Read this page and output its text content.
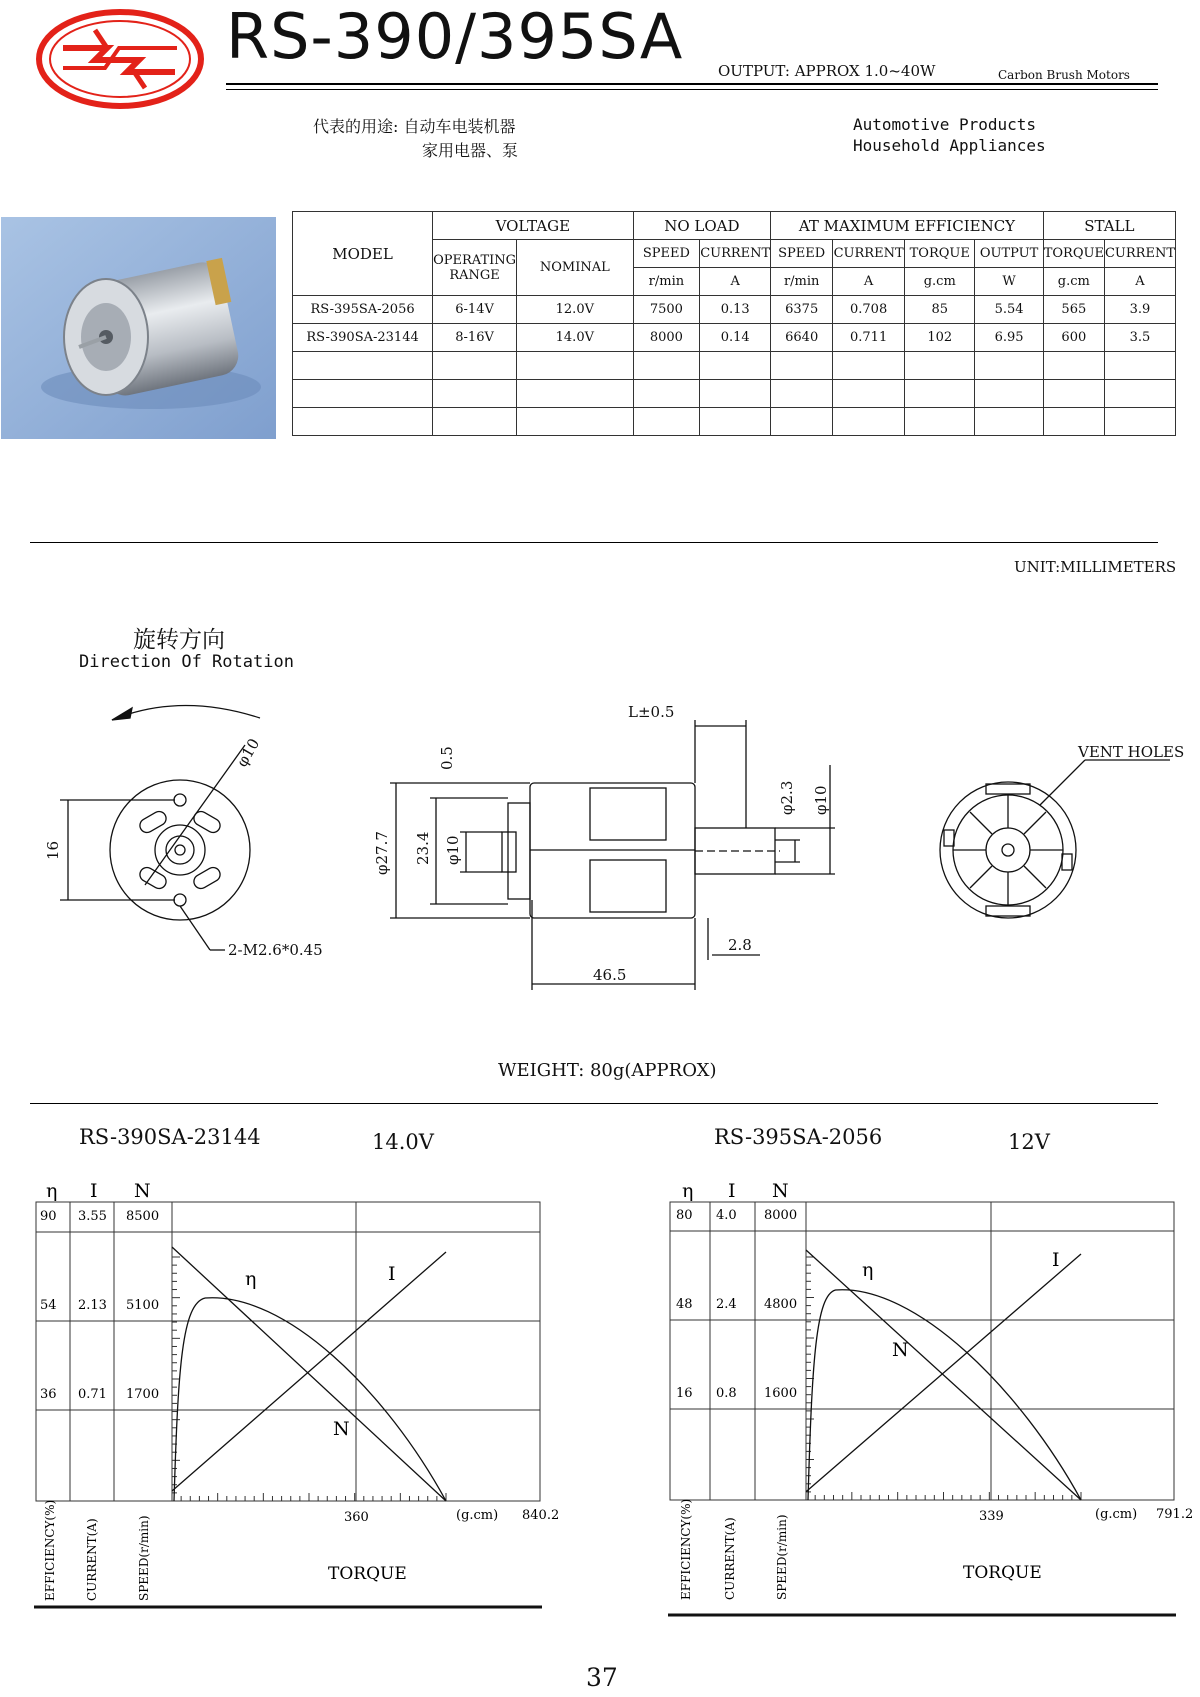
RS-390/395SA OUTPUT: APPROX 1.0~40W	Carbon Brush Motors
代表的用途: 自动车电装机器
家用电器、泵
Automotive Products
Household Appliances
MODEL	VOLTAGE		NO LOAD		AT MAXIMUM EFFICIENCY				STALL	
	OPERATING RANGE	NOMINAL	SPEED	CURRENT	SPEED	CURRENT	TORQUE	OUTPUT	TORQUE	CURRENT
			r/min	A	r/min	A	g.cm	W	g.cm	A
RS-395SA-2056	6-14V	12.0V	7500	0.13	6375	0.708	85	5.54	565	3.9
RS-390SA-23144	8-16V	14.0V	8000	0.14	6640	0.711	102	6.95	600	3.5

UNIT:MILLIMETERS
旋转方向
Direction Of Rotation
φ10
16
2-M2.6*0.45
L±0.5
0.5
φ27.7 23.4 φ10
φ2.3 φ10
2.8
46.5
VENT HOLES
WEIGHT: 80g(APPROX)
RS-390SA-23144	14.0V	RS-395SA-2056	12V
η I N
90 3.55 8500
54 2.13 5100
36 0.71 1700
360	(g.cm) 840.2
TORQUE
EFFICIENCY(%) CURRENT(A)	SPEED(r/min)
η	I
N
η I N
80 4.0 8000
48 2.4 4800
16 0.8 1600
339	(g.cm) 791.2
TORQUE
EFFICIENCY(%)	CURRENT(A)	SPEED(r/min)
η	I
N
37
